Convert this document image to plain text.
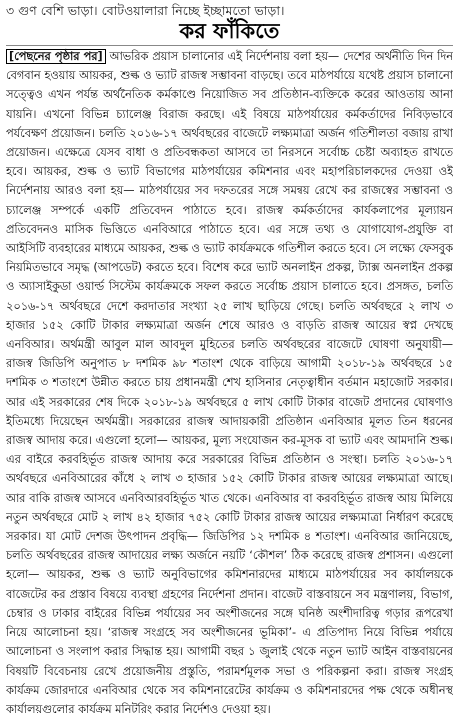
৩ গুণ বেশি ভাড়া। বোটওয়ালারা নিচ্ছে ইচ্ছামতো ভাড়া।
কর ফাঁকিতে

[পেছনের পৃষ্ঠার পর] আভরিক প্রয়াস চালানোর এই নির্দেশনায় বলা হয়— দেশের অর্থনীতি দিন দিন বেগবান হওয়ায় আয়কর, শুল্ক ও ভ্যাট রাজস্ব সম্ভাবনা বাড়ছে। তবে মাঠপর্যায়ে যথেষ্ট প্রয়াস চালানো সত্ত্বেও এখন পর্যন্ত অর্থনৈতিক কর্মকাণ্ডে নিয়োজিত সব প্রতিষ্ঠান-ব্যক্তিকে করের আওতায় আনা যায়নি। এখনো বিভিন্ন চ্যালেঞ্জ বিরাজ করছে। এই বিষয়ে মাঠপর্যায়ের কর্মকর্তাদের নিবিড়ভাবে পর্যবেক্ষণ প্রয়োজন। চলতি ২০১৬-১৭ অর্থবছরের বাজেটে লক্ষ্যমাত্রা অর্জন গতিশীলতা বজায় রাখা প্রয়োজন। এক্ষেত্রে যেসব বাধা ও প্রতিবন্ধকতা আসবে তা নিরসনে সর্বোচ্চ চেষ্টা অব্যাহত রাখতে হবে। আয়কর, শুল্ক ও ভ্যাট বিভাগের মাঠপর্যায়ের কমিশনার এবং মহাপরিচালকদের দেওয়া ওই নির্দেশনায় আরও বলা হয়— মাঠপর্যায়ের সব দফতরের সঙ্গে সমন্বয় রেখে কর রাজস্বের সম্ভাবনা ও চ্যালেঞ্জ সম্পর্কে একটি প্রতিবেদন পাঠাতে হবে। রাজস্ব কর্মকর্তাদের কার্যকলাপের মূল্যায়ন প্রতিবেদনও মাসিক ভিত্তিতে এনবিআরে পাঠাতে হবে। এর সঙ্গে তথ্য ও যোগাযোগ-প্রযুক্তি বা আইসিটি ব্যবহারের মাধ্যমে আয়কর, শুল্ক ও ভ্যাট কার্যক্রমকে গতিশীল করতে হবে। সে লক্ষ্যে ফেসবুক নিয়মিতভাবে সমৃদ্ধ (আপডেট) করতে হবে। বিশেষ করে ভ্যাট অনলাইন প্রকল্প, ট্যাক্স অনলাইন প্রকল্প ও অ্যাসাইকুডা ওয়ার্ল্ড সিস্টেম কার্যক্রমকে সফল করতে সর্বোচ্চ প্রয়াস চালাতে হবে। প্রসঙ্গত, চলতি ২০১৬-১৭ অর্থবছরে দেশে করদাতার সংখ্যা ২৫ লাখ ছাড়িয়ে গেছে। চলতি অর্থবছরে ২ লাখ ৩ হাজার ১৫২ কোটি টাকার লক্ষ্যমাত্রা অর্জন শেষে আরও ও বাড়তি রাজস্ব আয়ের স্বপ্ন দেখছে এনবিআর। অর্থমন্ত্রী আবুল মাল আবদুল মুহিতের চলতি অর্থবছরের বাজেটে ঘোষণা অনুযায়ী— রাজস্ব জিডিপি অনুপাত ৮ দশমিক ৯৮ শতাংশ থেকে বাড়িয়ে আগামী ২০১৮-১৯ অর্থবছরে ১৫ দশমিক ৩ শতাংশে উন্নীত করতে চায় প্রধানমন্ত্রী শেখ হাসিনার নেতৃত্বাধীন বর্তমান মহাজোট সরকার। আর এই সরকারের শেষ দিকে ২০১৮-১৯ অর্থবছরে ৫ লাখ কোটি টাকার বাজেট প্রদানের ঘোষণাও ইতিমধ্যে দিয়েছেন অর্থমন্ত্রী। সরকারের রাজস্ব আদায়কারী প্রতিষ্ঠান এনবিআর মূলত তিন ধরনের রাজস্ব আদায় করে। এগুলো হলো— আয়কর, মূল্য সংযোজন কর-মূসক বা ভ্যাট এবং আমদানি শুল্ক। এর বাইরে করবহির্ভূত রাজস্ব আদায় করে সরকারের বিভিন্ন প্রতিষ্ঠান ও সংস্থা। চলতি ২০১৬-১৭ অর্থবছরে এনবিআরের কাঁধে ২ লাখ ৩ হাজার ১৫২ কোটি টাকার রাজস্ব আয়ের লক্ষ্যমাত্রা আছে। আর বাকি রাজস্ব আসবে এনবিআরবহির্ভূত খাত থেকে। এনবিআর বা করবহির্ভূত রাজস্ব আয় মিলিয়ে নতুন অর্থবছরে মোট ২ লাখ ৪২ হাজার ৭৫২ কোটি টাকার রাজস্ব আয়ের লক্ষ্যমাত্রা নির্ধারণ করেছে সরকার। যা মোট দেশজ উৎপাদন প্রবৃদ্ধি— জিডিপির ১২ দশমিক ৪ শতাংশ। এনবিআর জানিয়েছে, চলতি অর্থবছরের রাজস্ব আদায়ের লক্ষ্য অর্জনে নয়টি ‘কৌশল’ ঠিক করেছে রাজস্ব প্রশাসন। এগুলো হলো— আয়কর, শুল্ক ও ভ্যাট অনুবিভাগের কমিশনারদের মাধ্যমে মাঠপর্যায়ের সব কার্যালয়কে বাজেটের কর প্রস্তাব বিষয়ে ব্যবস্থা গ্রহণের নির্দেশনা প্রদান। বাজেট বাস্তবায়নে সব মন্ত্রণালয়, বিভাগ, চেম্বার ও ঢাকার বাইরের বিভিন্ন পর্যায়ের সব অংশীজনের সঙ্গে ঘনিষ্ঠ অংশীদারিত্ব গড়ার রূপরেখা নিয়ে আলোচনা হয়। ‘রাজস্ব সংগ্রহে সব অংশীজনের ভূমিকা’- এ প্রতিপাদ্য নিয়ে বিভিন্ন পর্যায়ে আলোচনা ও সংলাপ করার সিদ্ধান্ত হয়। আগামী বছর ১ জুলাই থেকে নতুন ভ্যাট আইন বাস্তবায়নের বিষয়টি বিবেচনায় রেখে প্রয়োজনীয় প্রস্তুতি, পরামর্শমূলক সভা ও পরিকল্পনা করা। রাজস্ব সংগ্রহ কার্যক্রম জোরদারে এনবিআর থেকে সব কমিশনারেটের কার্যক্রম ও কমিশনারদের পক্ষ থেকে অধীনস্থ কার্যালয়গুলোর কার্যক্রম মনিটরিং করার নির্দেশও দেওয়া হয়।
